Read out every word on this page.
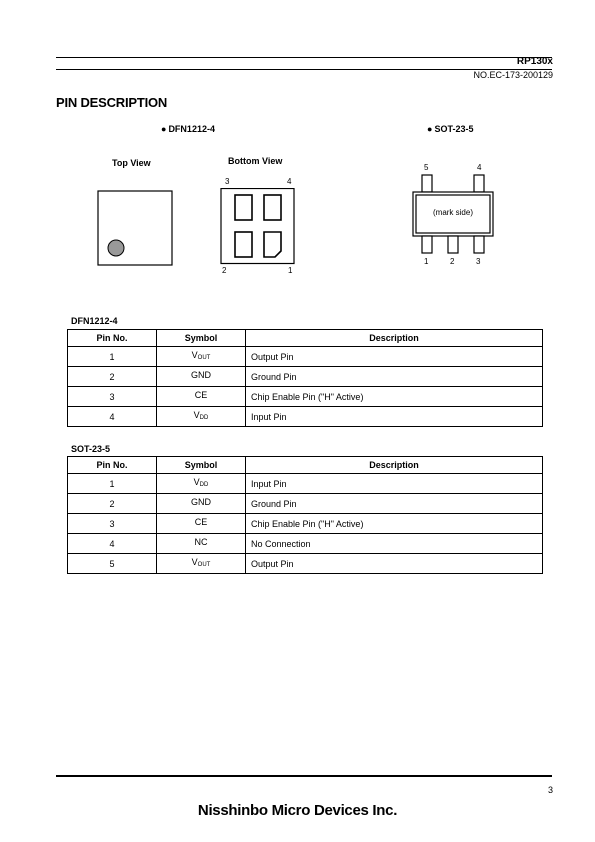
RP130x
NO.EC-173-200129
PIN DESCRIPTION
● DFN1212-4	● SOT-23-5
Top View	Bottom View
3	4
2	1
5	4
(mark side)
1	2	3
DFN1212-4
Pin No.	Symbol	Description
1	VOUT	Output Pin
2	GND	Ground Pin
3	CE	Chip Enable Pin ("H" Active)
4	VDD	Input Pin
SOT-23-5
Pin No.	Symbol	Description
1	VDD	Input Pin
2	GND	Ground Pin
3	CE	Chip Enable Pin ("H" Active)
4	NC	No Connection
5	VOUT	Output Pin
3
Nisshinbo Micro Devices Inc.
